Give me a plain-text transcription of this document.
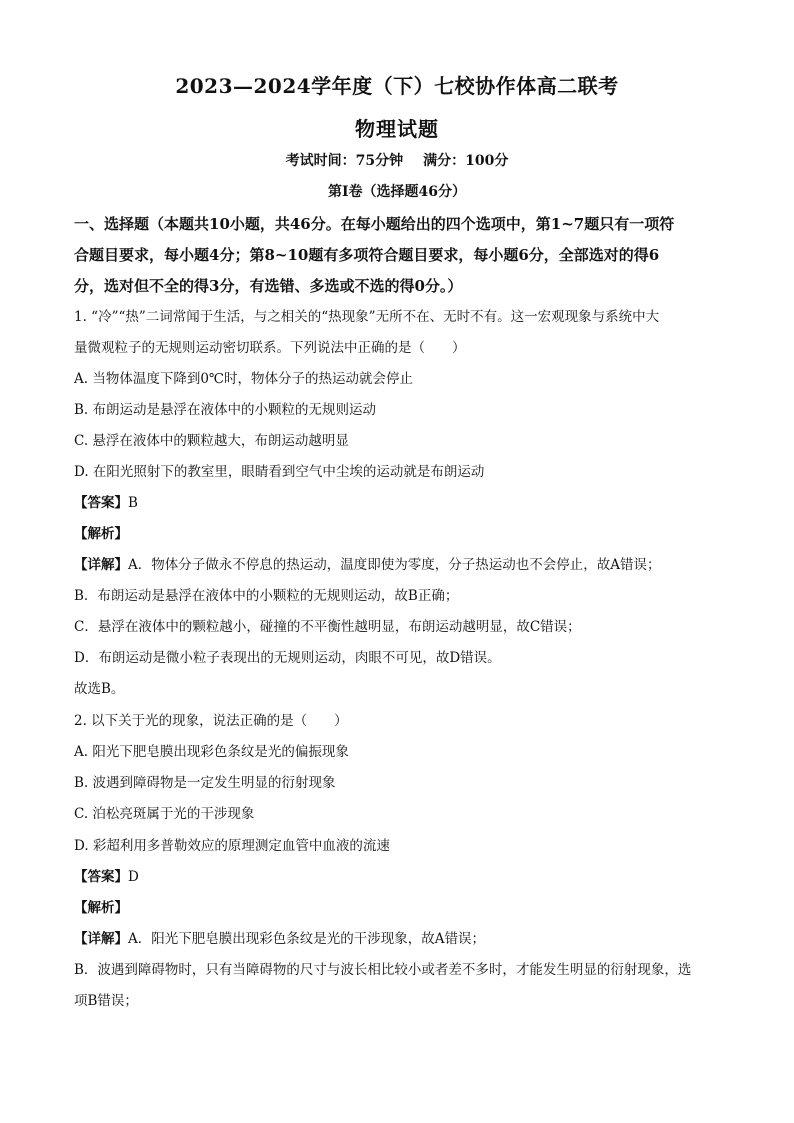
2023—2024学年度（下）七校协作体高二联考
物理试题
考试时间：75分钟 满分：100分
第Ⅰ卷（选择题46分）
一、选择题（本题共10小题，共46分。在每小题给出的四个选项中，第1~7题只有一项符
合题目要求，每小题4分；第8~10题有多项符合题目要求，每小题6分，全部选对的得6
分，选对但不全的得3分，有选错、多选或不选的得0分。）
1. “冷”“热”二词常闻于生活，与之相关的“热现象”无所不在、无时不有。这一宏观现象与系统中大
量微观粒子的无规则运动密切联系。下列说法中正确的是（　　）
A. 当物体温度下降到0℃时，物体分子的热运动就会停止
B. 布朗运动是悬浮在液体中的小颗粒的无规则运动
C. 悬浮在液体中的颗粒越大，布朗运动越明显
D. 在阳光照射下的教室里，眼睛看到空气中尘埃的运动就是布朗运动
【答案】B
【解析】
【详解】A．物体分子做永不停息的热运动，温度即使为零度，分子热运动也不会停止，故A错误；
B．布朗运动是悬浮在液体中的小颗粒的无规则运动，故B正确；
C．悬浮在液体中的颗粒越小，碰撞的不平衡性越明显，布朗运动越明显，故C错误；
D．布朗运动是微小粒子表现出的无规则运动，肉眼不可见，故D错误。
故选B。
2. 以下关于光的现象，说法正确的是（　　）
A. 阳光下肥皂膜出现彩色条纹是光的偏振现象
B. 波遇到障碍物是一定发生明显的衍射现象
C. 泊松亮斑属于光的干涉现象
D. 彩超利用多普勒效应的原理测定血管中血液的流速
【答案】D
【解析】
【详解】A．阳光下肥皂膜出现彩色条纹是光的干涉现象，故A错误；
B．波遇到障碍物时，只有当障碍物的尺寸与波长相比较小或者差不多时，才能发生明显的衍射现象，选
项B错误；
